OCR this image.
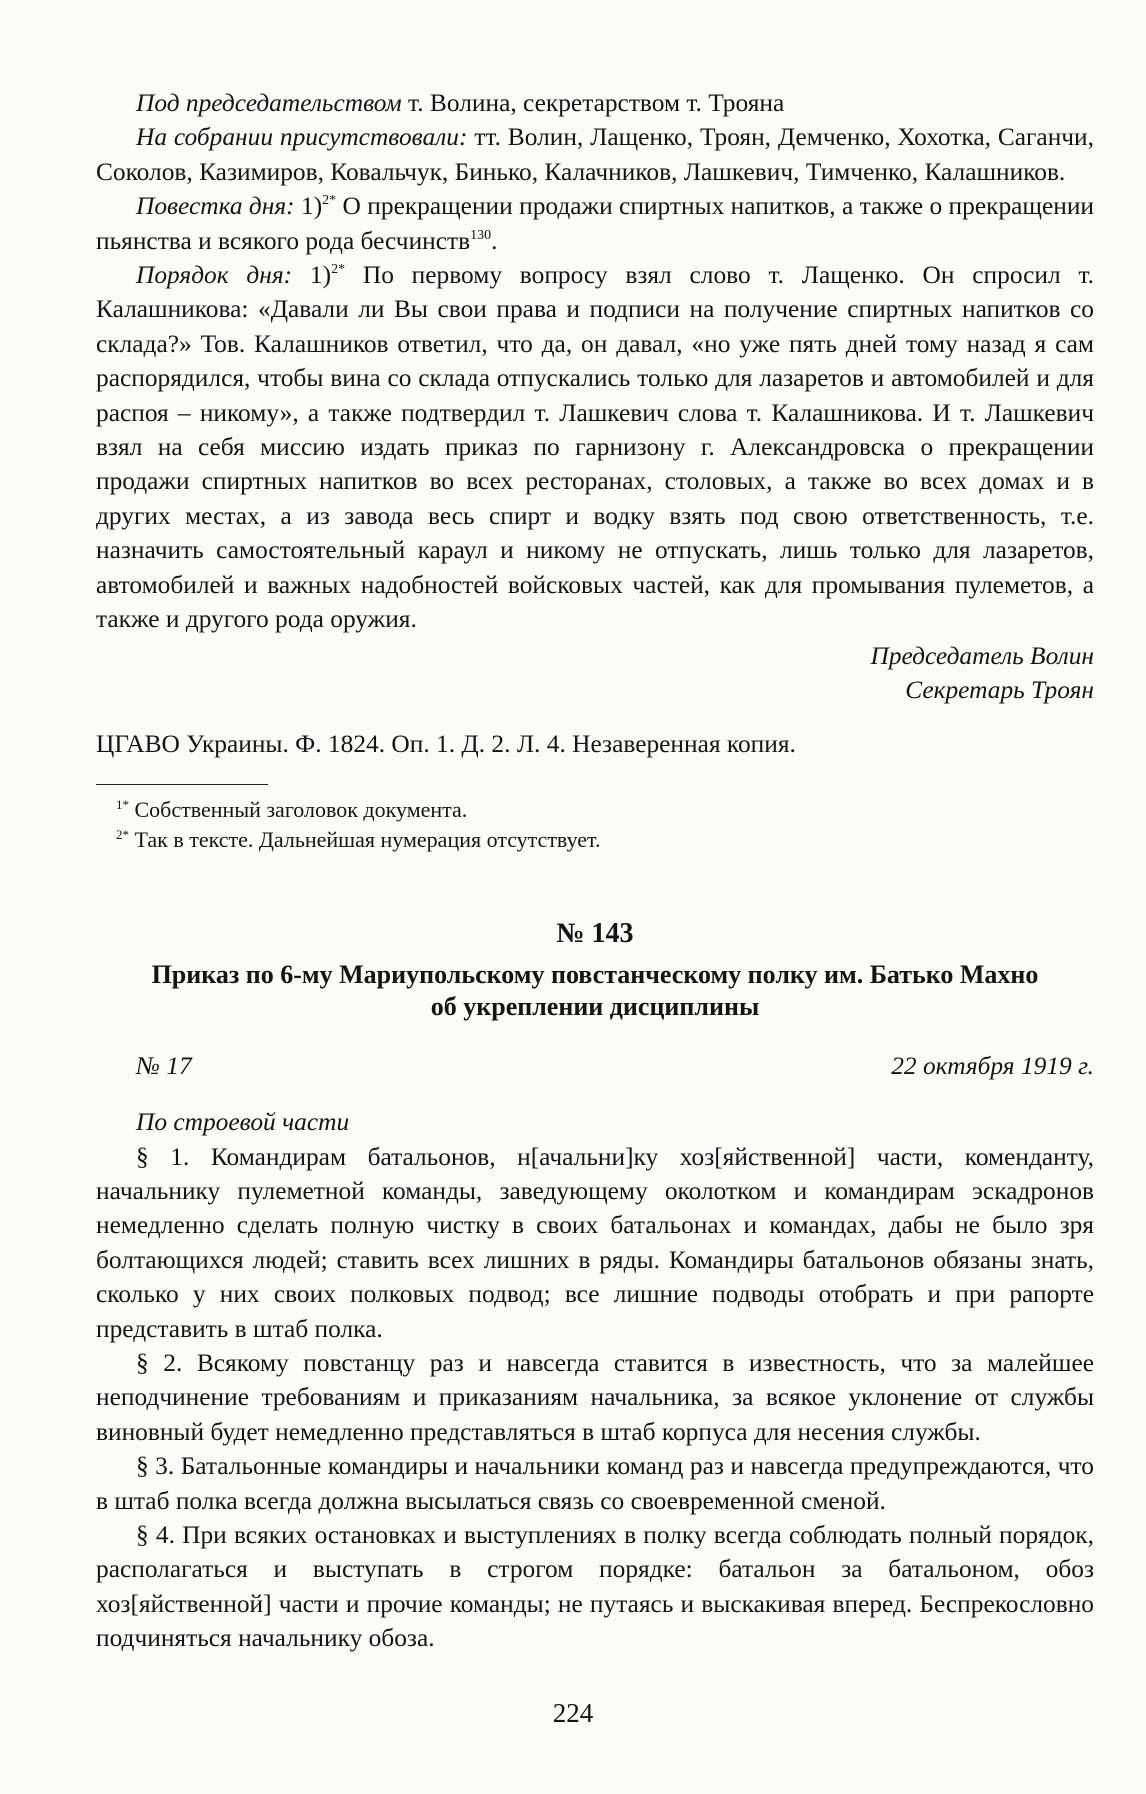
Под председательством т. Волина, секретарством т. Трояна

На собрании присутствовали: тт. Волин, Лащенко, Троян, Демченко, Хохотка, Саганчи, Соколов, Казимиров, Ковальчук, Бинько, Калачников, Лашкевич, Тимченко, Калашников.

Повестка дня: 1)$^{2*}$ О прекращении продажи спиртных напитков, а также о прекращении пьянства и всякого рода бесчинств$^{130}$.

Порядок дня: 1)$^{2*}$ По первому вопросу взял слово т. Лащенко. Он спросил т. Калашникова: «Давали ли Вы свои права и подписи на получение спиртных напитков со склада?» Тов. Калашников ответил, что да, он давал, «но уже пять дней тому назад я сам распорядился, чтобы вина со склада отпускались только для лазаретов и автомобилей и для распоя – никому», а также подтвердил т. Лашкевич слова т. Калашникова. И т. Лашкевич взял на себя миссию издать приказ по гарнизону г. Александровска о прекращении продажи спиртных напитков во всех ресторанах, столовых, а также во всех домах и в других местах, а из завода весь спирт и водку взять под свою ответственность, т.е. назначить самостоятельный караул и никому не отпускать, лишь только для лазаретов, автомобилей и важных надобностей войсковых частей, как для промывания пулеметов, а также и другого рода оружия.

Председатель Волин

Секретарь Троян

ЦГАВО Украины. Ф. 1824. Оп. 1. Д. 2. Л. 4. Незаверенная копия.

$^{1*}$ Собственный заголовок документа.
$^{2*}$ Так в тексте. Дальнейшая нумерация отсутствует.
№ 143
Приказ по 6-му Мариупольскому повстанческому полку им. Батько Махно
об укреплении дисциплины
№ 17	22 октября 1919 г.

По строевой части

§ 1. Командирам батальонов, н[ачальни]ку хоз[яйственной] части, коменданту, начальнику пулеметной команды, заведующему околотком и командирам эскадронов немедленно сделать полную чистку в своих батальонах и командах, дабы не было зря болтающихся людей; ставить всех лишних в ряды. Командиры батальонов обязаны знать, сколько у них своих полковых подвод; все лишние подводы отобрать и при рапорте представить в штаб полка.

§ 2. Всякому повстанцу раз и навсегда ставится в известность, что за малейшее неподчинение требованиям и приказаниям начальника, за всякое уклонение от службы виновный будет немедленно представляться в штаб корпуса для несения службы.

§ 3. Батальонные командиры и начальники команд раз и навсегда предупреждаются, что в штаб полка всегда должна высылаться связь со своевременной сменой.

§ 4. При всяких остановках и выступлениях в полку всегда соблюдать полный порядок, располагаться и выступать в строгом порядке: батальон за батальоном, обоз хоз[яйственной] части и прочие команды; не путаясь и выскакивая вперед. Беспрекословно подчиняться начальнику обоза.

224
